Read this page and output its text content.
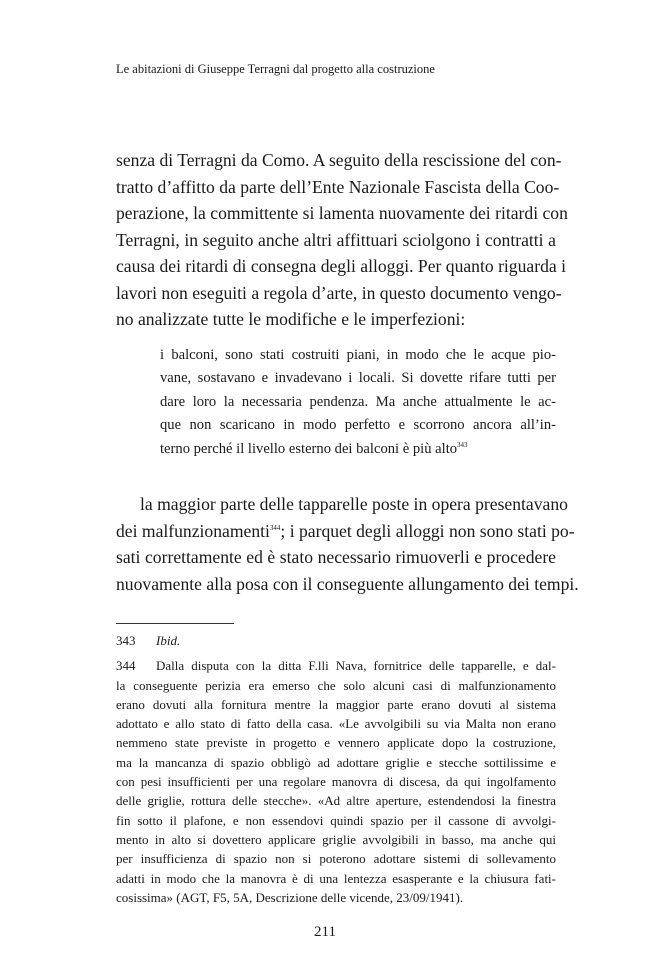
Le abitazioni di Giuseppe Terragni dal progetto alla costruzione

senza di Terragni da Como. A seguito della rescissione del con-
tratto d’affitto da parte dell’Ente Nazionale Fascista della Coo-
perazione, la committente si lamenta nuovamente dei ritardi con
Terragni, in seguito anche altri affittuari sciolgono i contratti a
causa dei ritardi di consegna degli alloggi. Per quanto riguarda i
lavori non eseguiti a regola d’arte, in questo documento vengo-
no analizzate tutte le modifiche e le imperfezioni:

i balconi, sono stati costruiti piani, in modo che le acque pio-
vane, sostavano e invadevano i locali. Si dovette rifare tutti per
dare loro la necessaria pendenza. Ma anche attualmente le ac-
que non scaricano in modo perfetto e scorrono ancora all’in-
terno perché il livello esterno dei balconi è più alto$^{343}$
la maggior parte delle tapparelle poste in opera presentavano
dei malfunzionamenti$^{344}$; i parquet degli alloggi non sono stati po-
sati correttamente ed è stato necessario rimuoverli e procedere
nuovamente alla posa con il conseguente allungamento dei tempi.
343 Ibid.
344 Dalla disputa con la ditta F.lli Nava, fornitrice delle tapparelle, e dal-
la conseguente perizia era emerso che solo alcuni casi di malfunzionamento
erano dovuti alla fornitura mentre la maggior parte erano dovuti al sistema
adottato e allo stato di fatto della casa. «Le avvolgibili su via Malta non erano
nemmeno state previste in progetto e vennero applicate dopo la costruzione,
ma la mancanza di spazio obbligò ad adottare griglie e stecche sottilissime e
con pesi insufficienti per una regolare manovra di discesa, da qui ingolfamento
delle griglie, rottura delle stecche». «Ad altre aperture, estendendosi la finestra
fin sotto il plafone, e non essendovi quindi spazio per il cassone di avvolgi-
mento in alto si dovettero applicare griglie avvolgibili in basso, ma anche qui
per insufficienza di spazio non si poterono adottare sistemi di sollevamento
adatti in modo che la manovra è di una lentezza esasperante e la chiusura fati-
cosissima» (AGT, F5, 5A, Descrizione delle vicende, 23/09/1941).
211
